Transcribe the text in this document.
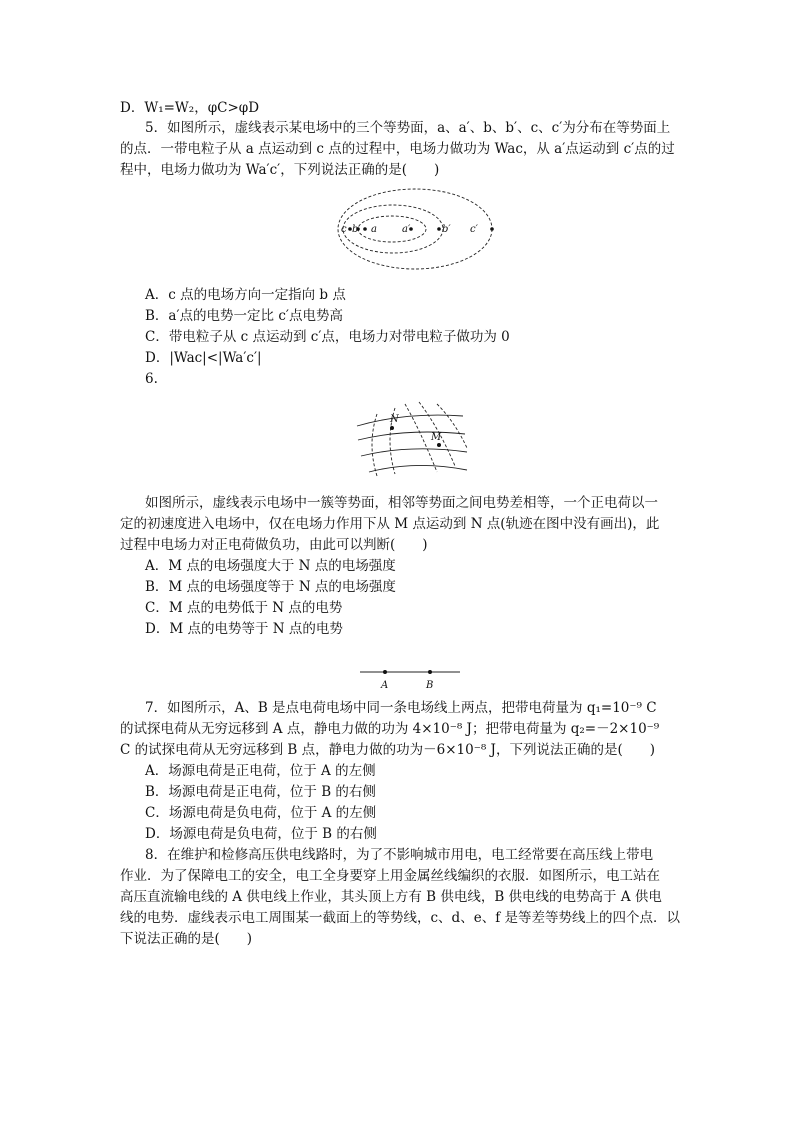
D．W₁=W₂，φC>φD
5．如图所示，虚线表示某电场中的三个等势面，a、a′、b、b′、c、c′为分布在等势面上
的点．一带电粒子从 a 点运动到 c 点的过程中，电场力做功为 Wac，从 a′点运动到 c′点的过
程中，电场力做功为 Wa′c′，下列说法正确的是(　　)
c b a	a′	b′ c′
A．c 点的电场方向一定指向 b 点
B．a′点的电势一定比 c′点电势高
C．带电粒子从 c 点运动到 c′点，电场力对带电粒子做功为 0
D．|Wac|<|Wa′c′|
6.
N
M
如图所示，虚线表示电场中一簇等势面，相邻等势面之间电势差相等，一个正电荷以一
定的初速度进入电场中，仅在电场力作用下从 M 点运动到 N 点(轨迹在图中没有画出)，此
过程中电场力对正电荷做负功，由此可以判断(　　)
A．M 点的电场强度大于 N 点的电场强度
B．M 点的电场强度等于 N 点的电场强度
C．M 点的电势低于 N 点的电势
D．M 点的电势等于 N 点的电势
A	B
7．如图所示，A、B 是点电荷电场中同一条电场线上两点，把带电荷量为 q₁=10⁻⁹ C
的试探电荷从无穷远移到 A 点，静电力做的功为 4×10⁻⁸ J；把带电荷量为 q₂=－2×10⁻⁹
C 的试探电荷从无穷远移到 B 点，静电力做的功为－6×10⁻⁸ J，下列说法正确的是(　　)
A．场源电荷是正电荷，位于 A 的左侧
B．场源电荷是正电荷，位于 B 的右侧
C．场源电荷是负电荷，位于 A 的左侧
D．场源电荷是负电荷，位于 B 的右侧
8．在维护和检修高压供电线路时，为了不影响城市用电，电工经常要在高压线上带电
作业．为了保障电工的安全，电工全身要穿上用金属丝线编织的衣服．如图所示，电工站在
高压直流输电线的 A 供电线上作业，其头顶上方有 B 供电线，B 供电线的电势高于 A 供电
线的电势．虚线表示电工周围某一截面上的等势线，c、d、e、f 是等差等势线上的四个点．以
下说法正确的是(　　)
